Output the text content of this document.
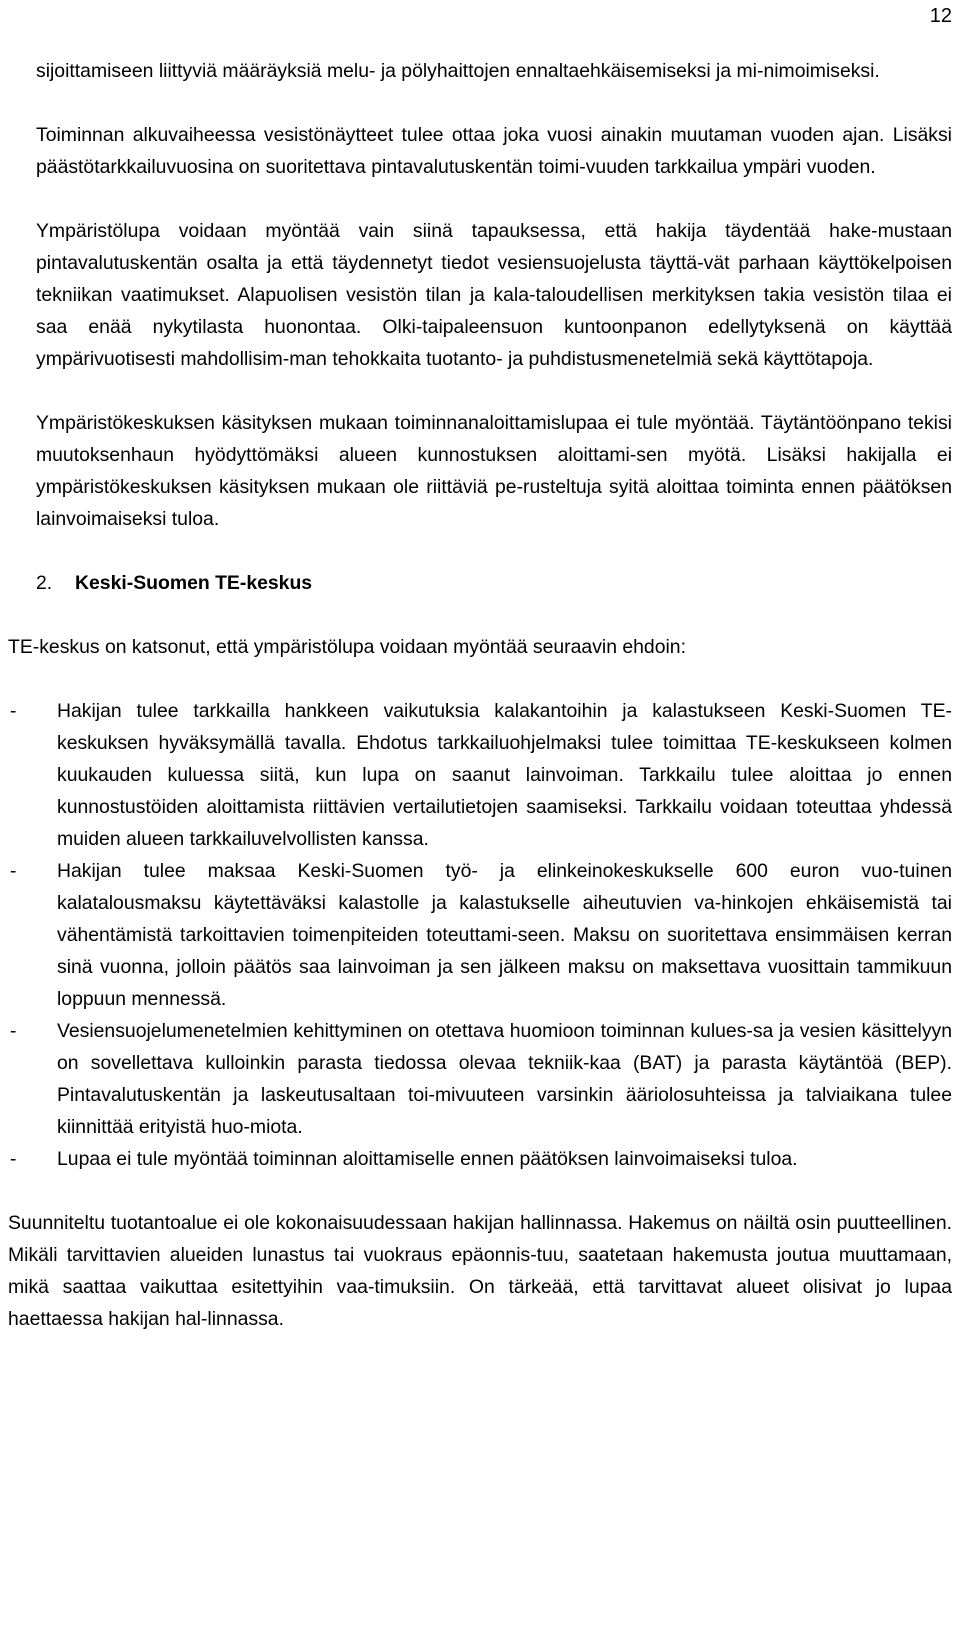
12

sijoittamiseen liittyviä määräyksiä melu- ja pölyhaittojen ennaltaehkäisemiseksi ja mi-nimoimiseksi.

Toiminnan alkuvaiheessa vesistönäytteet tulee ottaa joka vuosi ainakin muutaman vuoden ajan. Lisäksi päästötarkkailuvuosina on suoritettava pintavalutuskentän toimi-vuuden tarkkailua ympäri vuoden.

Ympäristölupa voidaan myöntää vain siinä tapauksessa, että hakija täydentää hake-mustaan pintavalutuskentän osalta ja että täydennetyt tiedot vesiensuojelusta täyttä-vät parhaan käyttökelpoisen tekniikan vaatimukset. Alapuolisen vesistön tilan ja kala-taloudellisen merkityksen takia vesistön tilaa ei saa enää nykytilasta huonontaa. Olki-taipaleensuon kuntoonpanon edellytyksenä on käyttää ympärivuotisesti mahdollisim-man tehokkaita tuotanto- ja puhdistusmenetelmiä sekä käyttötapoja.

Ympäristökeskuksen käsityksen mukaan toiminnanaloittamislupaa ei tule myöntää. Täytäntöönpano tekisi muutoksenhaun hyödyttömäksi alueen kunnostuksen aloittami-sen myötä. Lisäksi hakijalla ei ympäristökeskuksen käsityksen mukaan ole riittäviä pe-rusteltuja syitä aloittaa toiminta ennen päätöksen lainvoimaiseksi tuloa.

2.	Keski-Suomen TE-keskus

TE-keskus on katsonut, että ympäristölupa voidaan myöntää seuraavin ehdoin:

-	Hakijan tulee tarkkailla hankkeen vaikutuksia kalakantoihin ja kalastukseen Keski-Suomen TE-keskuksen hyväksymällä tavalla. Ehdotus tarkkailuohjelmaksi tulee toimittaa TE-keskukseen kolmen kuukauden kuluessa siitä, kun lupa on saanut lainvoiman. Tarkkailu tulee aloittaa jo ennen kunnostustöiden aloittamista riittävien vertailutietojen saamiseksi. Tarkkailu voidaan toteuttaa yhdessä muiden alueen tarkkailuvelvollisten kanssa.
-	Hakijan tulee maksaa Keski-Suomen työ- ja elinkeinokeskukselle 600 euron vuo-tuinen kalatalousmaksu käytettäväksi kalastolle ja kalastukselle aiheutuvien va-hinkojen ehkäisemistä tai vähentämistä tarkoittavien toimenpiteiden toteuttami-seen. Maksu on suoritettava ensimmäisen kerran sinä vuonna, jolloin päätös saa lainvoiman ja sen jälkeen maksu on maksettava vuosittain tammikuun loppuun mennessä.
-	Vesiensuojelumenetelmien kehittyminen on otettava huomioon toiminnan kulues-sa ja vesien käsittelyyn on sovellettava kulloinkin parasta tiedossa olevaa tekniik-kaa (BAT) ja parasta käytäntöä (BEP). Pintavalutuskentän ja laskeutusaltaan toi-mivuuteen varsinkin ääriolosuhteissa ja talviaikana tulee kiinnittää erityistä huo-miota.
-	Lupaa ei tule myöntää toiminnan aloittamiselle ennen päätöksen lainvoimaiseksi tuloa.

Suunniteltu tuotantoalue ei ole kokonaisuudessaan hakijan hallinnassa. Hakemus on näiltä osin puutteellinen. Mikäli tarvittavien alueiden lunastus tai vuokraus epäonnis-tuu, saatetaan hakemusta joutua muuttamaan, mikä saattaa vaikuttaa esitettyihin vaa-timuksiin. On tärkeää, että tarvittavat alueet olisivat jo lupaa haettaessa hakijan hal-linnassa.
